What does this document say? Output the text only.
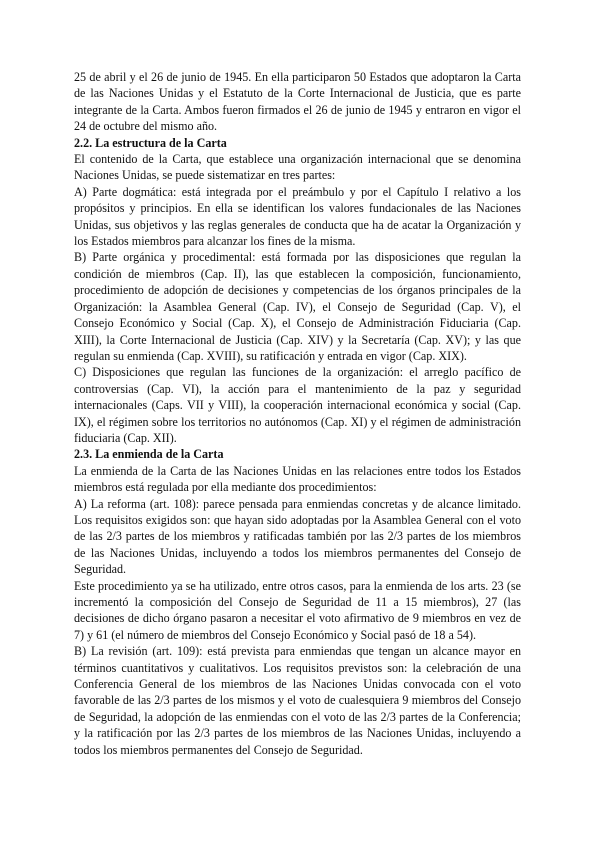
25 de abril y el 26 de junio de 1945. En ella participaron 50 Estados que adoptaron la Carta de las Naciones Unidas y el Estatuto de la Corte Internacional de Justicia, que es parte integrante de la Carta. Ambos fueron firmados el 26 de junio de 1945 y entraron en vigor el 24 de octubre del mismo año.

2.2. La estructura de la Carta

El contenido de la Carta, que establece una organización internacional que se denomina Naciones Unidas, se puede sistematizar en tres partes:

A) Parte dogmática: está integrada por el preámbulo y por el Capítulo I relativo a los propósitos y principios. En ella se identifican los valores fundacionales de las Naciones Unidas, sus objetivos y las reglas generales de conducta que ha de acatar la Organización y los Estados miembros para alcanzar los fines de la misma.

B) Parte orgánica y procedimental: está formada por las disposiciones que regulan la condición de miembros (Cap. II), las que establecen la composición, funcionamiento, procedimiento de adopción de decisiones y competencias de los órganos principales de la Organización: la Asamblea General (Cap. IV), el Consejo de Seguridad (Cap. V), el Consejo Económico y Social (Cap. X), el Consejo de Administración Fiduciaria (Cap. XIII), la Corte Internacional de Justicia (Cap. XIV) y la Secretaría (Cap. XV); y las que regulan su enmienda (Cap. XVIII), su ratificación y entrada en vigor (Cap. XIX).

C) Disposiciones que regulan las funciones de la organización: el arreglo pacífico de controversias (Cap. VI), la acción para el mantenimiento de la paz y seguridad internacionales (Caps. VII y VIII), la cooperación internacional económica y social (Cap. IX), el régimen sobre los territorios no autónomos (Cap. XI) y el régimen de administración fiduciaria (Cap. XII).

2.3. La enmienda de la Carta

La enmienda de la Carta de las Naciones Unidas en las relaciones entre todos los Estados miembros está regulada por ella mediante dos procedimientos:

A) La reforma (art. 108): parece pensada para enmiendas concretas y de alcance limitado. Los requisitos exigidos son: que hayan sido adoptadas por la Asamblea General con el voto de las 2/3 partes de los miembros y ratificadas también por las 2/3 partes de los miembros de las Naciones Unidas, incluyendo a todos los miembros permanentes del Consejo de Seguridad.

Este procedimiento ya se ha utilizado, entre otros casos, para la enmienda de los arts. 23 (se incrementó la composición del Consejo de Seguridad de 11 a 15 miembros), 27 (las decisiones de dicho órgano pasaron a necesitar el voto afirmativo de 9 miembros en vez de 7) y 61 (el número de miembros del Consejo Económico y Social pasó de 18 a 54).

B) La revisión (art. 109): está prevista para enmiendas que tengan un alcance mayor en términos cuantitativos y cualitativos. Los requisitos previstos son: la celebración de una Conferencia General de los miembros de las Naciones Unidas convocada con el voto favorable de las 2/3 partes de los mismos y el voto de cualesquiera 9 miembros del Consejo de Seguridad, la adopción de las enmiendas con el voto de las 2/3 partes de la Conferencia; y la ratificación por las 2/3 partes de los miembros de las Naciones Unidas, incluyendo a todos los miembros permanentes del Consejo de Seguridad.
